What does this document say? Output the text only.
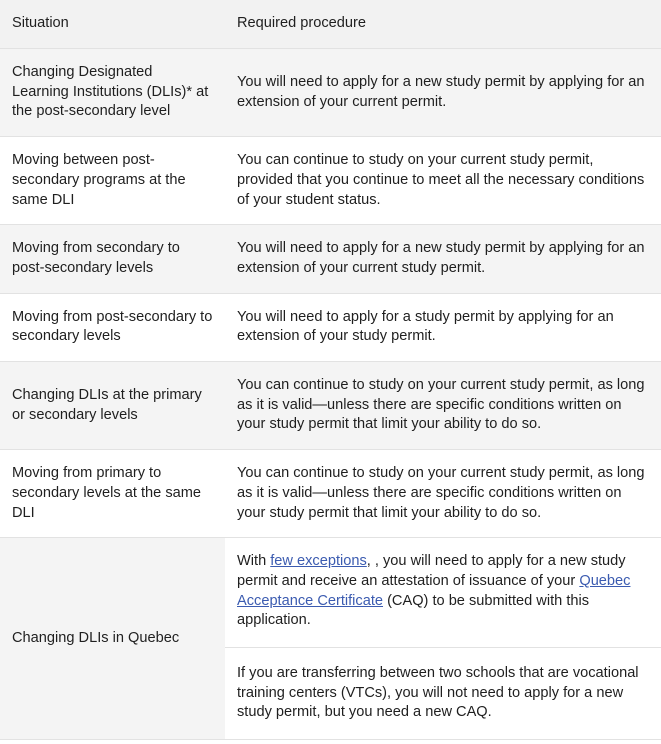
Situation	Required procedure
Changing Designated Learning Institutions (DLIs)* at the post-secondary level	You will need to apply for a new study permit by applying for an extension of your current permit.
Moving between post-secondary programs at the same DLI	You can continue to study on your current study permit, provided that you continue to meet all the necessary conditions of your student status.
Moving from secondary to post-secondary levels	You will need to apply for a new study permit by applying for an extension of your current study permit.
Moving from post-secondary to secondary levels	You will need to apply for a study permit by applying for an extension of your study permit.
Changing DLIs at the primary or secondary levels	You can continue to study on your current study permit, as long as it is valid—unless there are specific conditions written on your study permit that limit your ability to do so.
Moving from primary to secondary levels at the same DLI	You can continue to study on your current study permit, as long as it is valid—unless there are specific conditions written on your study permit that limit your ability to do so.
Changing DLIs in Quebec	With few exceptions, , you will need to apply for a new study permit and receive an attestation of issuance of your Quebec Acceptance Certificate (CAQ) to be submitted with this application.
If you are transferring between two schools that are vocational training centers (VTCs), you will not need to apply for a new study permit, but you need a new CAQ.
